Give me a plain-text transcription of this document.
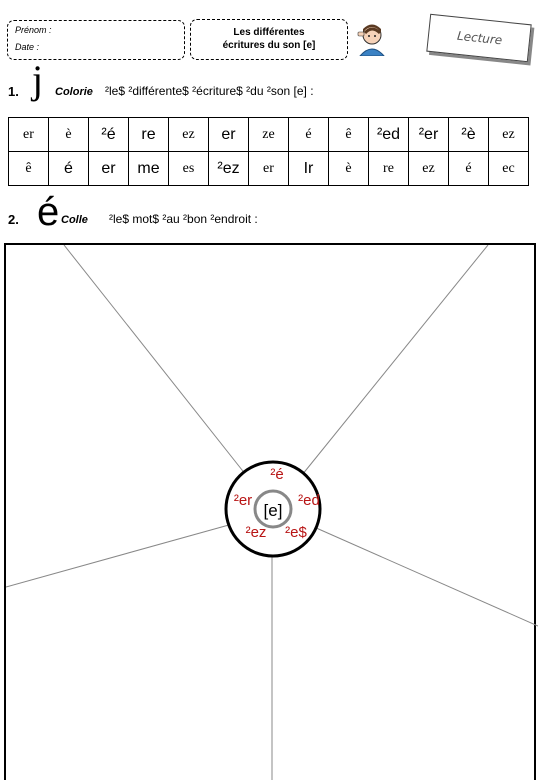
Prénom :
Date :
Les différentes
écritures du son [e]	Lecture
1. j Colorie ²le$ ²différente$ ²écriture$ ²du ²son [e] :
er	è	²é	re	ez	er	ze	é	ê	²ed	²er	²è	ez
ê	é	er	me	es	²ez	er	Ir	è	re	ez	é	ec
2. é Colle ²le$ mot$ ²au ²bon ²endroit :
[e]
²é
²er	²ed
²ez ²e$
